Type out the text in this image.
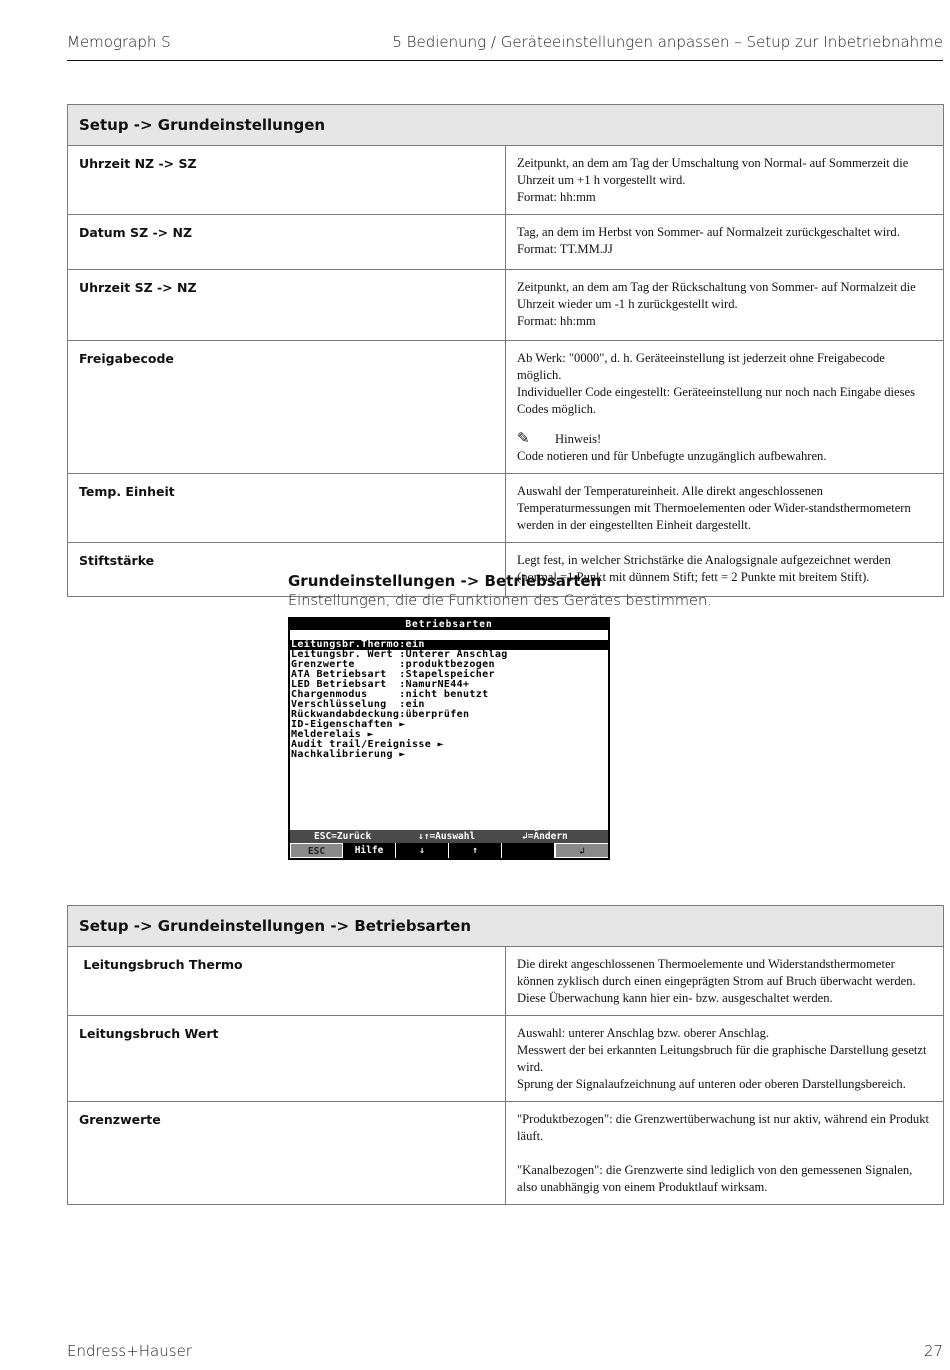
Memograph S	5 Bedienung / Geräteeinstellungen anpassen – Setup zur Inbetriebnahme
Setup -> Grundeinstellungen	
Uhrzeit NZ -> SZ	Zeitpunkt, an dem am Tag der Umschaltung von Normal- auf Sommerzeit die Uhrzeit um +1 h vorgestellt wird.
Format: hh:mm

Datum SZ -> NZ	Tag, an dem im Herbst von Sommer- auf Normalzeit zurückgeschaltet wird.
Format: TT.MM.JJ

Uhrzeit SZ -> NZ	Zeitpunkt, an dem am Tag der Rückschaltung von Sommer- auf Normalzeit die Uhrzeit wieder um -1 h zurückgestellt wird.
Format: hh:mm

Freigabecode	Ab Werk: "0000", d. h. Geräteeinstellung ist jederzeit ohne Freigabecode möglich.
Individueller Code eingestellt: Geräteeinstellung nur noch nach Eingabe dieses Codes möglich.
✎ Hinweis!
Code notieren und für Unbefugte unzugänglich aufbewahren.

Temp. Einheit	Auswahl der Temperatureinheit. Alle direkt angeschlossenen Temperaturmessungen mit Thermoelementen oder Wider-standsthermometern werden in der eingestellten Einheit dargestellt.

Stiftstärke	Legt fest, in welcher Strichstärke die Analogsignale aufgezeichnet werden (normal =1 Punkt mit dünnem Stift; fett = 2 Punkte mit breitem Stift).
Grundeinstellungen -> Betriebsarten
Einstellungen, die die Funktionen des Gerätes bestimmen.
Betriebsarten
Leitungsbr.Thermo:ein
Leitungsbr. Wert :Unterer Anschlag
Grenzwerte       :produktbezogen
ATA Betriebsart  :Stapelspeicher
LED Betriebsart  :NamurNE44+
Chargenmodus     :nicht benutzt
Verschlüsselung  :ein
Rückwandabdeckung:überprüfen
ID-Eigenschaften ►
Melderelais ►
Audit trail/Ereignisse ►
Nachkalibrierung ►

ESC=Zurück

	↓↑=Auswahl

	↲=Ändern

ESC	Hilfe	↓	↑	↲
Setup -> Grundeinstellungen -> Betriebsarten	
Leitungsbruch Thermo	Die direkt angeschlossenen Thermoelemente und Widerstandsthermometer können zyklisch durch einen eingeprägten Strom auf Bruch überwacht werden. Diese Überwachung kann hier ein- bzw. ausgeschaltet werden.

Leitungsbruch Wert	Auswahl: unterer Anschlag bzw. oberer Anschlag.
Messwert der bei erkannten Leitungsbruch für die graphische Darstellung gesetzt wird.
Sprung der Signalaufzeichnung auf unteren oder oberen Darstellungsbereich.

Grenzwerte	"Produktbezogen": die Grenzwertüberwachung ist nur aktiv, während ein Produkt läuft.
"Kanalbezogen": die Grenzwerte sind lediglich von den gemessenen Signalen, also unabhängig von einem Produktlauf wirksam.
Endress+Hauser	27
